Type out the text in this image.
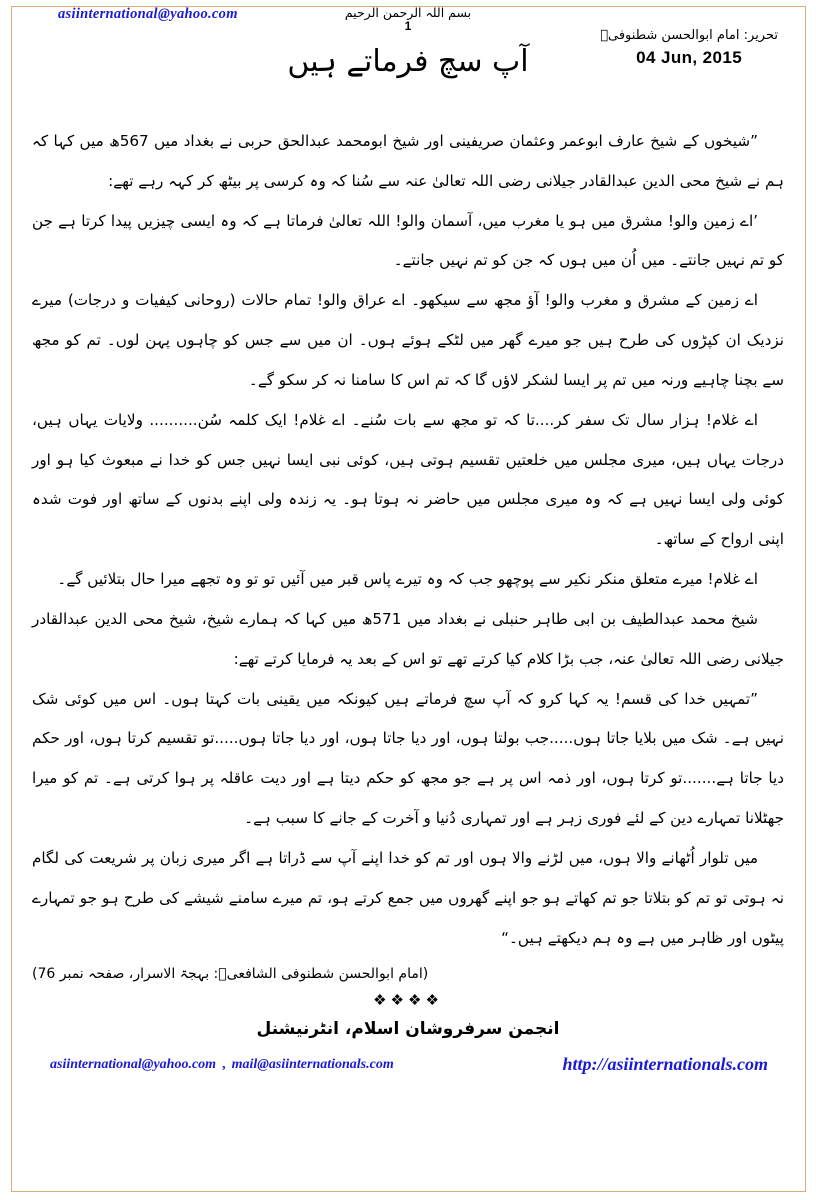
asiinternational@yahoo.com	بسم اللہ الرحمن الرحیم
1
تحریر: امام ابوالحسن شطنوفیؒ
04 Jun, 2015
آپ سچ فرماتے ہیں

”شیخوں کے شیخ عارف ابوعمر وعثمان صریفینی اور شیخ ابومحمد عبدالحق حربی نے بغداد میں 567ھ میں کہا کہ ہم نے شیخ محی الدین عبدالقادر جیلانی رضی اللہ تعالیٰ عنہ سے سُنا کہ وہ کرسی پر بیٹھ کر کہہ رہے تھے:

’اے زمین والو! مشرق میں ہو یا مغرب میں، آسمان والو! اللہ تعالیٰ فرماتا ہے کہ وہ ایسی چیزیں پیدا کرتا ہے جن کو تم نہیں جانتے۔ میں اُن میں ہوں کہ جن کو تم نہیں جانتے۔

اے زمین کے مشرق و مغرب والو! آؤ مجھ سے سیکھو۔ اے عراق والو! تمام حالات (روحانی کیفیات و درجات) میرے نزدیک ان کپڑوں کی طرح ہیں جو میرے گھر میں لٹکے ہوئے ہوں۔ ان میں سے جس کو چاہوں پہن لوں۔ تم کو مجھ سے بچنا چاہیے ورنہ میں تم پر ایسا لشکر لاؤں گا کہ تم اس کا سامنا نہ کر سکو گے۔

اے غلام! ہزار سال تک سفر کر....تا کہ تو مجھ سے بات سُنے۔ اے غلام! ایک کلمہ سُن.......... ولایات یہاں ہیں، درجات یہاں ہیں، میری مجلس میں خلعتیں تقسیم ہوتی ہیں، کوئی نبی ایسا نہیں جس کو خدا نے مبعوث کیا ہو اور کوئی ولی ایسا نہیں ہے کہ وہ میری مجلس میں حاضر نہ ہوتا ہو۔ یہ زندہ ولی اپنے بدنوں کے ساتھ اور فوت شدہ اپنی ارواح کے ساتھ۔

اے غلام! میرے متعلق منکر نکیر سے پوچھو جب کہ وہ تیرے پاس قبر میں آئیں تو تو وہ تجھے میرا حال بتلائیں گے۔

شیخ محمد عبدالطیف بن ابی طاہر حنبلی نے بغداد میں 571ھ میں کہا کہ ہمارے شیخ، شیخ محی الدین عبدالقادر جیلانی رضی اللہ تعالیٰ عنہ، جب بڑا کلام کیا کرتے تھے تو اس کے بعد یہ فرمایا کرتے تھے:

”تمہیں خدا کی قسم! یہ کہا کرو کہ آپ سچ فرماتے ہیں کیونکہ میں یقینی بات کہتا ہوں۔ اس میں کوئی شک نہیں ہے۔ شک میں بلایا جاتا ہوں.....جب بولتا ہوں، اور دیا جاتا ہوں، اور دیا جاتا ہوں.....تو تقسیم کرتا ہوں، اور حکم دیا جاتا ہے.......تو کرتا ہوں، اور ذمہ اس پر ہے جو مجھ کو حکم دیتا ہے اور دیت عاقلہ پر ہوا کرتی ہے۔ تم کو میرا جھٹلانا تمہارے دین کے لئے فوری زہر ہے اور تمہاری دُنیا و آخرت کے جانے کا سبب ہے۔

میں تلوار اُٹھانے والا ہوں، میں لڑنے والا ہوں اور تم کو خدا اپنے آپ سے ڈراتا ہے اگر میری زبان پر شریعت کی لگام نہ ہوتی تو تم کو بتلاتا جو تم کھاتے ہو جو اپنے گھروں میں جمع کرتے ہو، تم میرے سامنے شیشے کی طرح ہو جو تمہارے پیٹوں اور ظاہر میں ہے وہ ہم دیکھتے ہیں۔“

(امام ابوالحسن شطنوفی الشافعیؒ: بہجۃ الاسرار، صفحہ نمبر 76)
❖❖❖❖
انجمن سرفروشان اسلام، انٹرنیشنل
asiinternational@yahoo.com , mail@asiinternationals.com	http://asiinternationals.com
